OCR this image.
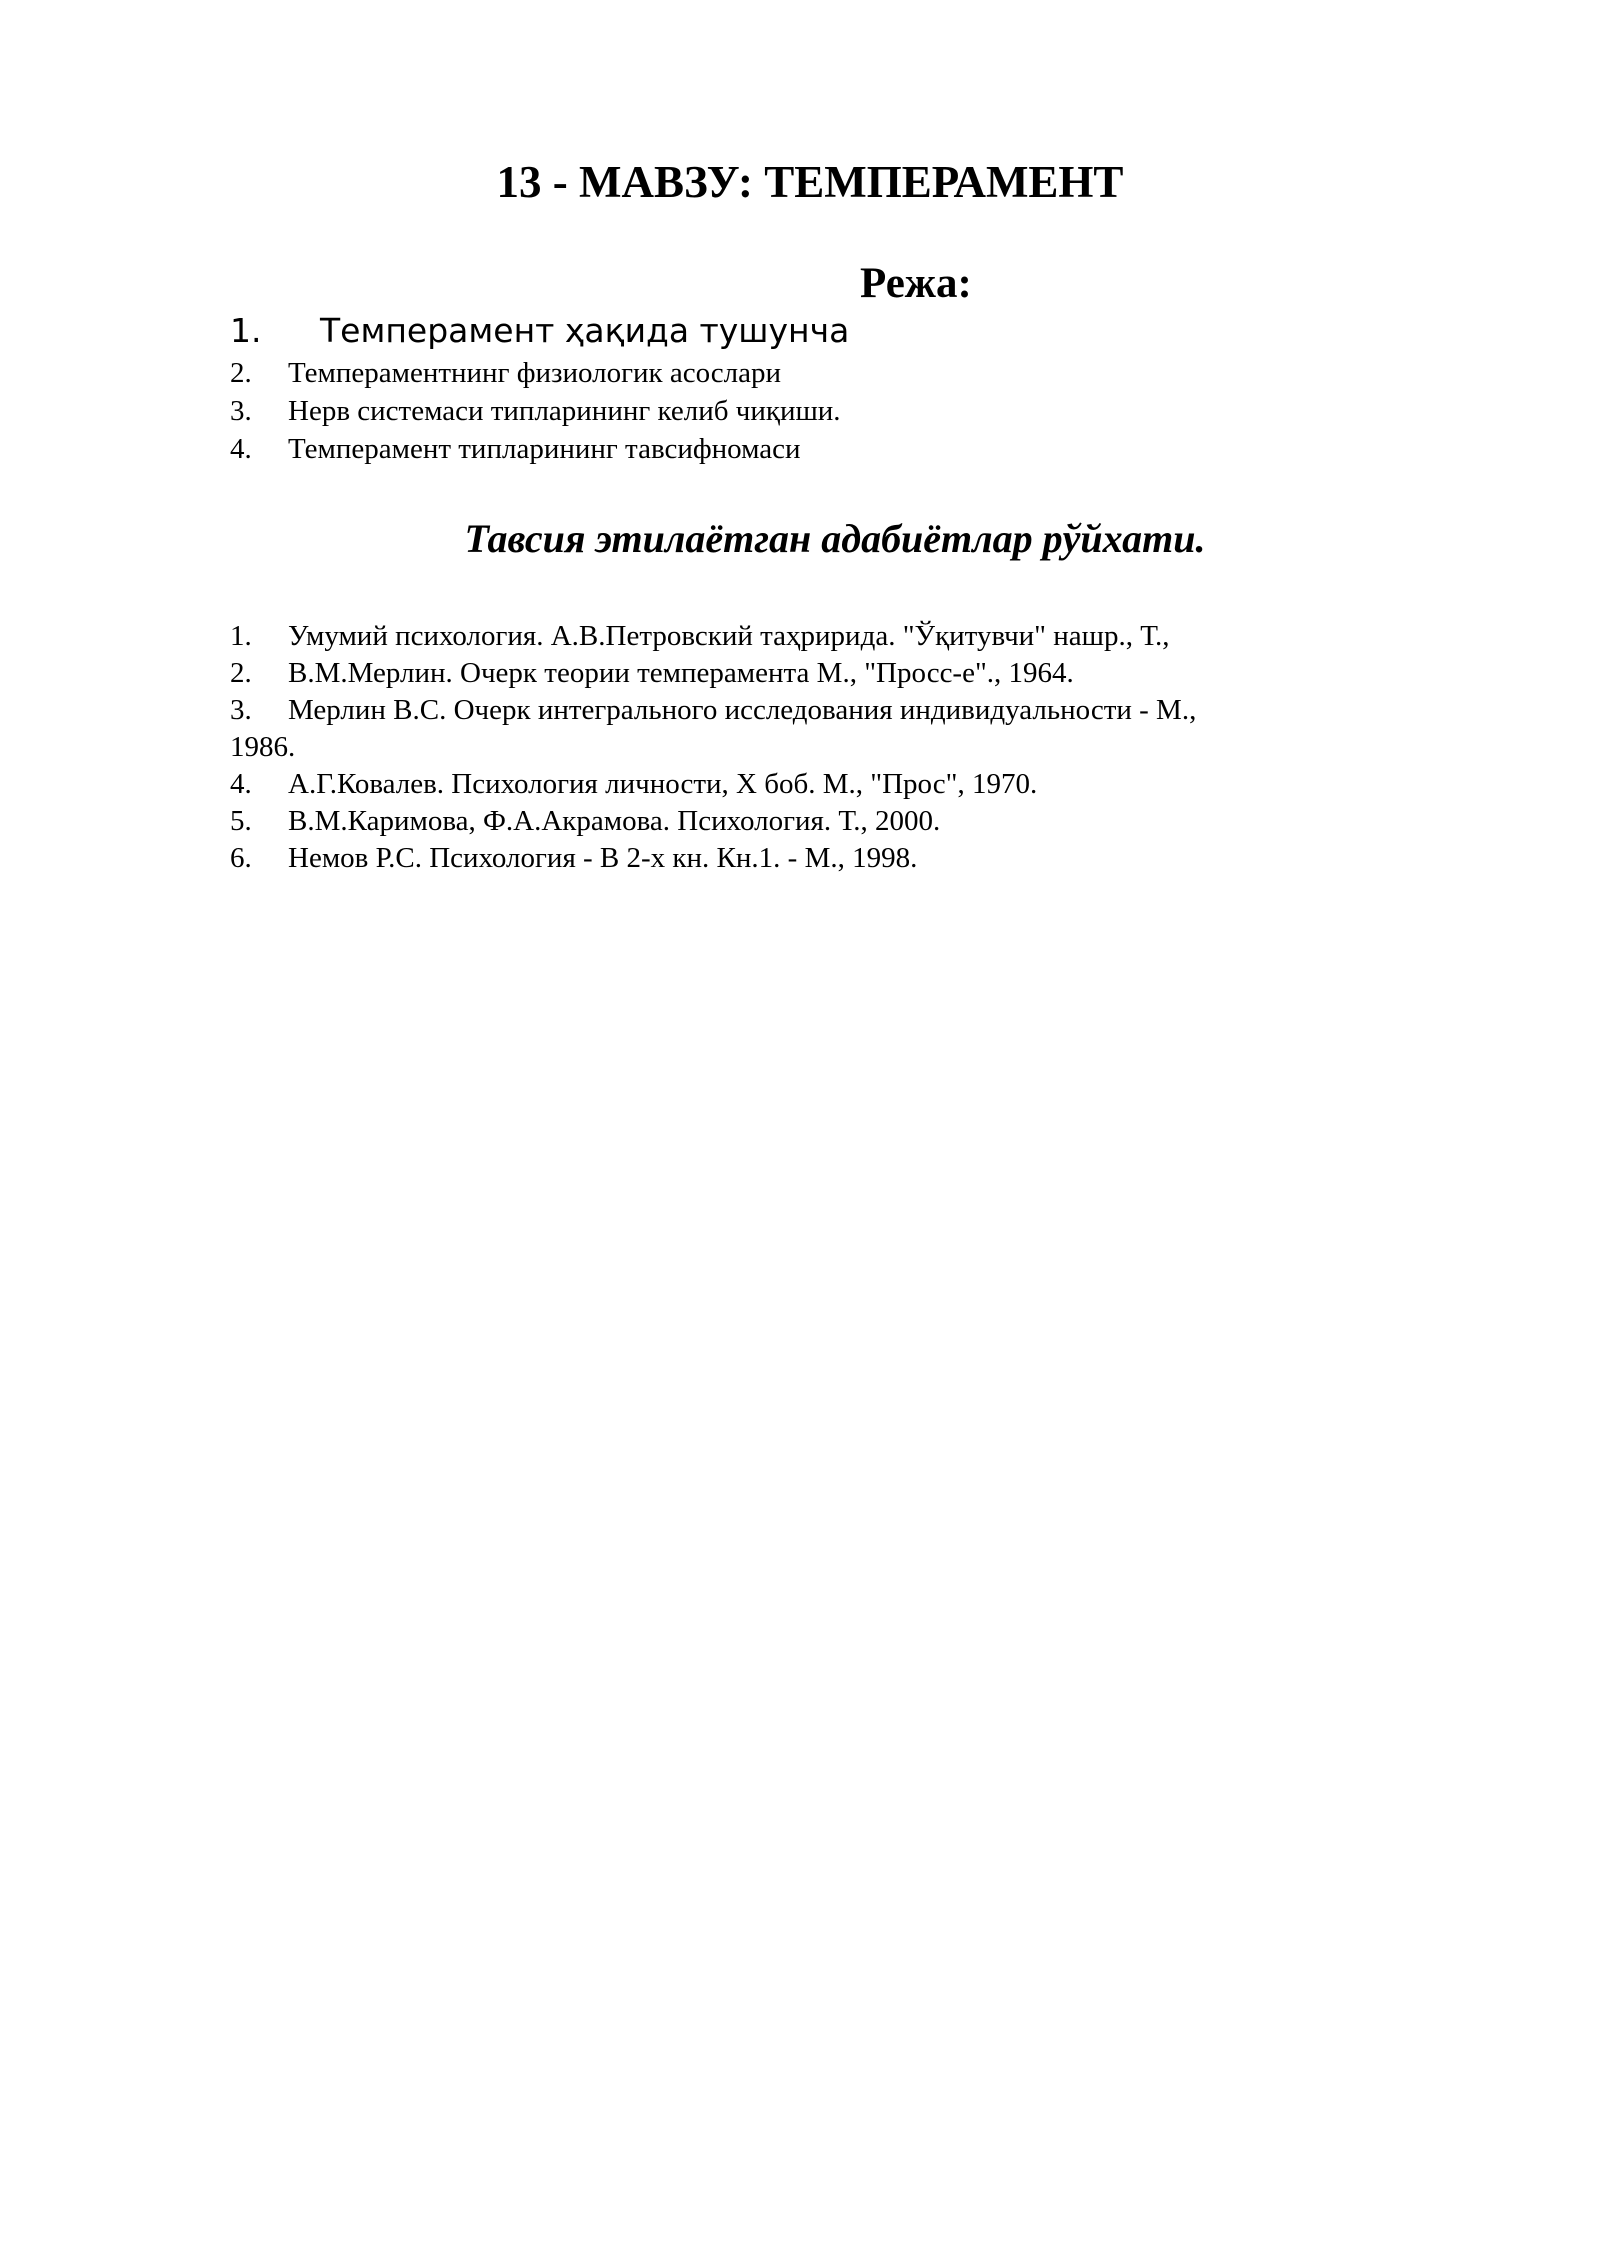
13 - МАВЗУ: ТЕМПЕРАМЕНТ
Режа:
1. Темперамент ҳақида тушунча
2. Темпераментнинг физиологик асослари
3. Нерв системаси типларининг келиб чиқиши.
4. Темперамент типларининг тавсифномаси
Тавсия этилаётган адабиётлар рўйхати.
1. Умумий психология. А.В.Петровский таҳририда. "Ўқитувчи" нашр., Т.,
2. В.М.Мерлин. Очерк теории темперамента М., "Просс-е"., 1964.
3. Мерлин В.С. Очерк интегрального исследования индивидуальности - М.,
1986.
4. А.Г.Ковалев. Психология личности, X боб. М., "Прос", 1970.
5. В.М.Каримова, Ф.А.Акрамова. Психология. Т., 2000.
6. Немов Р.С. Психология - В 2-х кн. Кн.1. - М., 1998.
